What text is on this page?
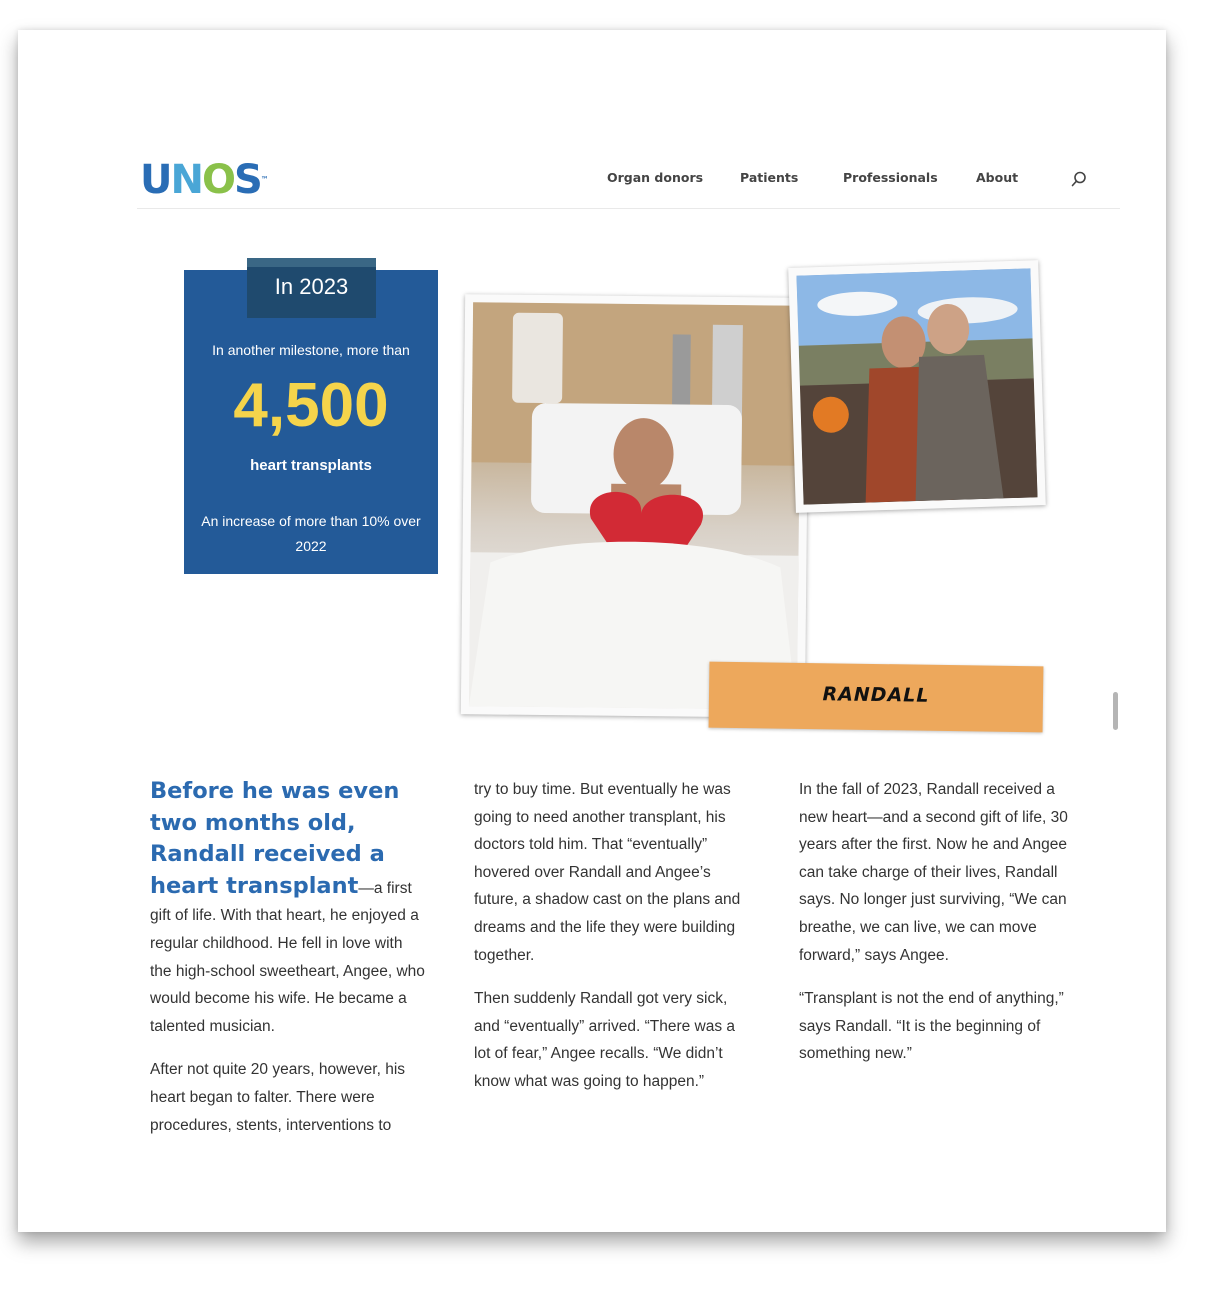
UNOS™	Organ donors	Patients	Professionals	About
In 2023
In another milestone, more than
4,500
heart transplants
An increase of more than 10% over 2022
RANDALL

Before he was even two months old, Randall received a heart transplant—a first gift of life. With that heart, he enjoyed a regular childhood. He fell in love with the high-school sweetheart, Angee, who would become his wife. He became a talented musician.

After not quite 20 years, however, his heart began to falter. There were procedures, stents, interventions to

try to buy time. But eventually he was going to need another transplant, his doctors told him. That “eventually” hovered over Randall and Angee’s future, a shadow cast on the plans and dreams and the life they were building together.

Then suddenly Randall got very sick, and “eventually” arrived. “There was a lot of fear,” Angee recalls. “We didn’t know what was going to happen.”

In the fall of 2023, Randall received a new heart—and a second gift of life, 30 years after the first. Now he and Angee can take charge of their lives, Randall says. No longer just surviving, “We can breathe, we can live, we can move forward,” says Angee.

“Transplant is not the end of anything,” says Randall. “It is the beginning of something new.”
